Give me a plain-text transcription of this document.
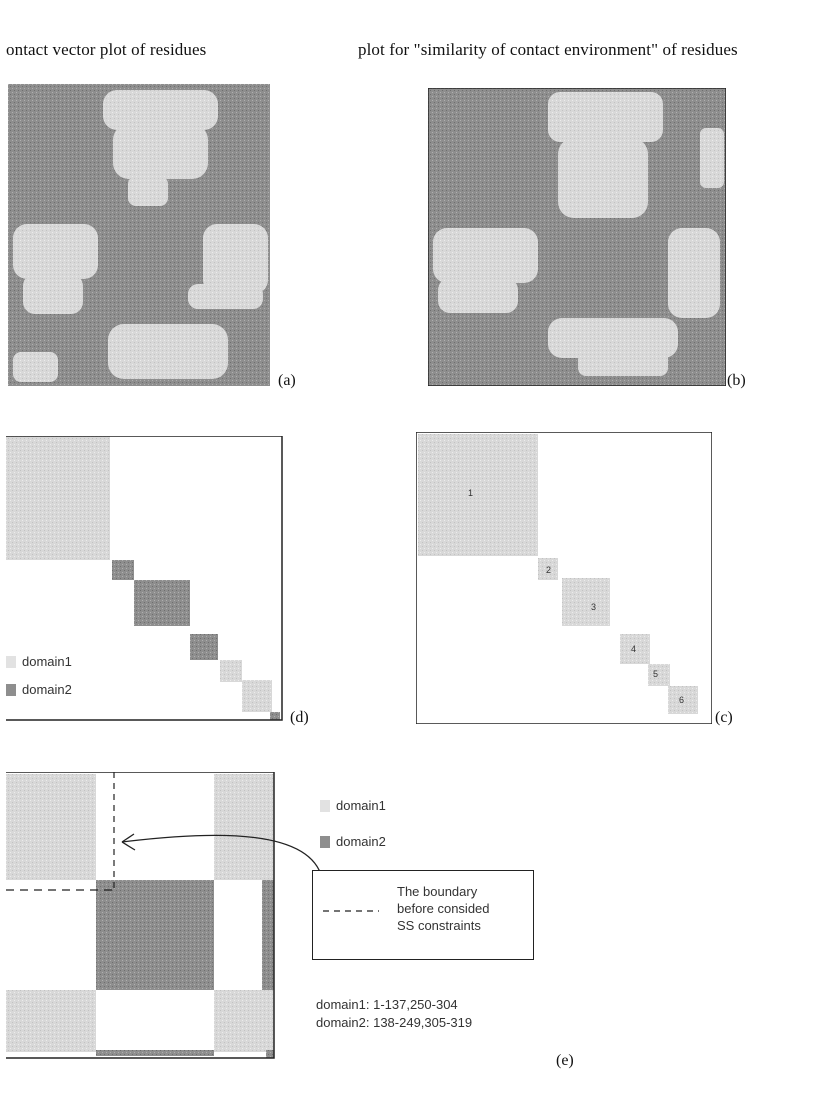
ontact vector plot of residues	plot for "similarity of contact environment" of residues
(a)	(b)
domain1
domain2
(d)
1
2
3
4
5
6
(c)
domain1
domain2
The boundary
before consided
SS constraints
domain1: 1-137,250-304
domain2: 138-249,305-319
(e)
